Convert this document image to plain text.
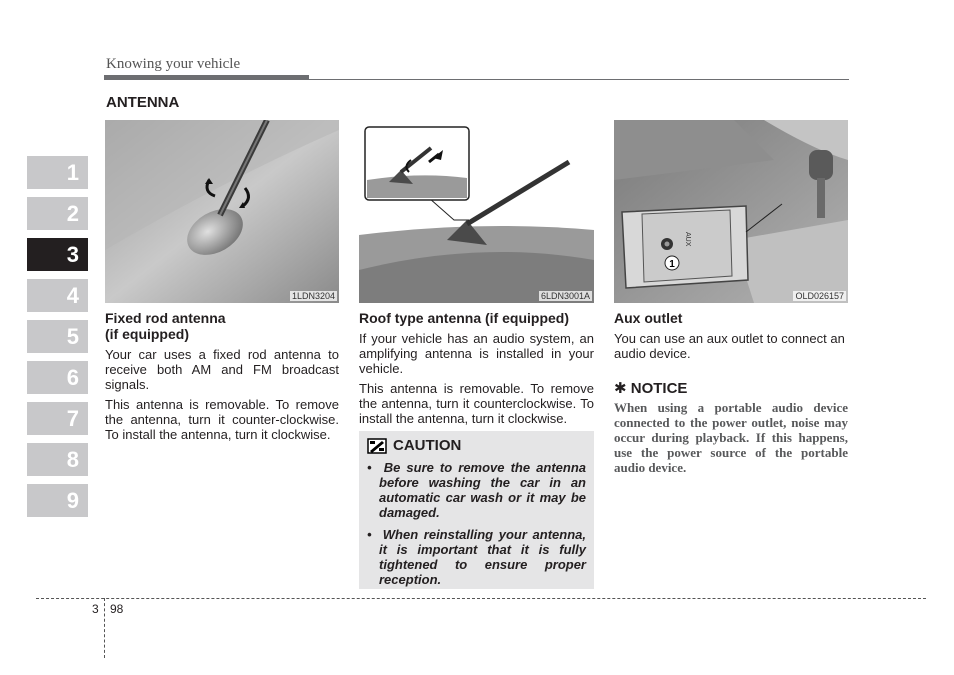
Knowing your vehicle
ANTENNA
1
2
3
4
5
6
7
8
9
1LDN3204	6LDN3001A
1
AUX
OLD026157
Fixed rod antenna
(if equipped)

Your car uses a fixed rod antenna to receive both AM and FM broadcast signals.

This antenna is removable. To remove the antenna, turn it counter-clockwise. To install the antenna, turn it clockwise.

Roof type antenna (if equipped)

If your vehicle has an audio system, an amplifying antenna is installed in your vehicle.

This antenna is removable. To remove the antenna, turn it counterclockwise. To install the antenna, turn it clockwise.

CAUTION
•  Be sure to remove the antenna before washing the car in an automatic car wash or it may be damaged.
•  When reinstalling your antenna, it is important that it is fully tightened to ensure proper reception.
Aux outlet

You can use an aux outlet to connect an audio device.

✱ NOTICE
When using a portable audio device connected to the power outlet, noise may occur during playback. If this happens, use the power source of the portable audio device.
3 98
